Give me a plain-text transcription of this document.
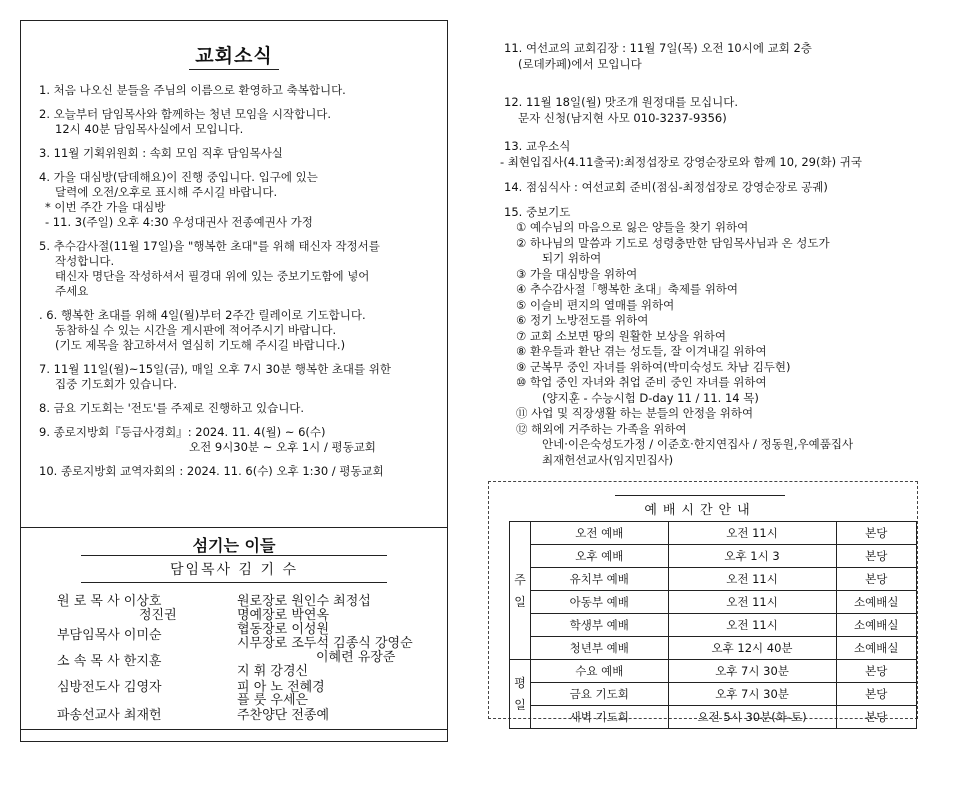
교회소식
1. 처음 나오신 분들을 주님의 이름으로 환영하고 축복합니다.
2. 오늘부터 담임목사와 함께하는 청년 모임을 시작합니다.
12시 40분 담임목사실에서 모입니다.
3. 11월 기획위원회 : 속회 모임 직후 담임목사실
4. 가을 대심방(담데해요)이 진행 중입니다. 입구에 있는
달력에 오전/오후로 표시해 주시길 바랍니다.
* 이번 주간 가을 대심방
- 11. 3(주일) 오후 4:30 우성대권사 전종예권사 가정
5. 추수감사절(11월 17일)을 "행복한 초대"를 위해 태신자 작정서를
작성합니다.
태신자 명단을 작성하셔서 필경대 위에 있는 중보기도함에 넣어
주세요
. 6. 행복한 초대를 위해 4일(월)부터 2주간 릴레이로 기도합니다.
동참하실 수 있는 시간을 게시판에 적어주시기 바랍니다.
(기도 제목을 참고하셔서 열심히 기도해 주시길 바랍니다.)
7. 11월 11일(월)~15일(금), 매일 오후 7시 30분 행복한 초대를 위한
집중 기도회가 있습니다.
8. 금요 기도회는 '전도'를 주제로 진행하고 있습니다.
9. 종로지방회『등급사경회』: 2024. 11. 4(월) ~ 6(수)
오전 9시30분 ~ 오후 1시 / 평동교회
10. 종로지방회 교역자회의 : 2024. 11. 6(수) 오후 1:30 / 평동교회
섬기는 이들
담임목사 김 기 수
원 로 목 사 이상호
정진권
부담임목사 이미순
소 속 목 사 한지훈
심방전도사 김영자
파송선교사 최재헌
원로장로 원인수 최정섭
명예장로 박연옥
협동장로 이성원
시무장로 조두석 김종식 강영순
이혜련 유장준
지 휘 강경신
피 아 노 전혜경
플 룻 우세은
주찬양단 전종예
11. 여선교의 교회김장 : 11월 7일(목) 오전 10시에 교회 2층
(로데카페)에서 모입니다
12. 11월 18일(월) 맛조개 원정대를 모십니다.
문자 신청(남지현 사모 010-3237-9356)
13. 교우소식
- 최현입집사(4.11출국):최정섭장로 강영순장로와 함께 10, 29(화) 귀국
14. 점심식사 : 여선교회 준비(점심-최정섭장로 강영순장로 공궤)
15. 중보기도
① 예수님의 마음으로 잃은 양들을 찾기 위하여
② 하나님의 말씀과 기도로 성령충만한 담임목사님과 온 성도가
되기 위하여
③ 가을 대심방을 위하여
④ 추수감사절「행복한 초대」축제를 위하여
⑤ 이슬비 편지의 열매를 위하여
⑥ 정기 노방전도를 위하여
⑦ 교회 소보면 땅의 원활한 보상을 위하여
⑧ 환우들과 환난 겪는 성도들, 잘 이겨내길 위하여
⑨ 군복무 중인 자녀를 위하여(박미숙성도 차남 김두현)
⑩ 학업 중인 자녀와 취업 준비 중인 자녀를 위하여
(양지훈 - 수능시험 D-day 11 / 11. 14 목)
⑪ 사업 및 직장생활 하는 분들의 안정을 위하여
⑫ 해외에 거주하는 가족을 위하여
안네·이은숙성도가정 / 이준호·한지연집사 / 정동원,우예품집사
최재헌선교사(임지민집사)
예배시간안내
주
일	오전 예배	오전 11시	본당
	오후 예배	오후 1시 3	본당
	유치부 예배	오전 11시	본당
	아동부 예배	오전 11시	소예배실
	학생부 예배	오전 11시	소예배실
	청년부 예배	오후 12시 40분	소예배실
평
일	수요 예배	오후 7시 30분	본당
	금요 기도회	오후 7시 30분	본당
	새벽 기도회	오전 5시 30분(화-토)	본당
